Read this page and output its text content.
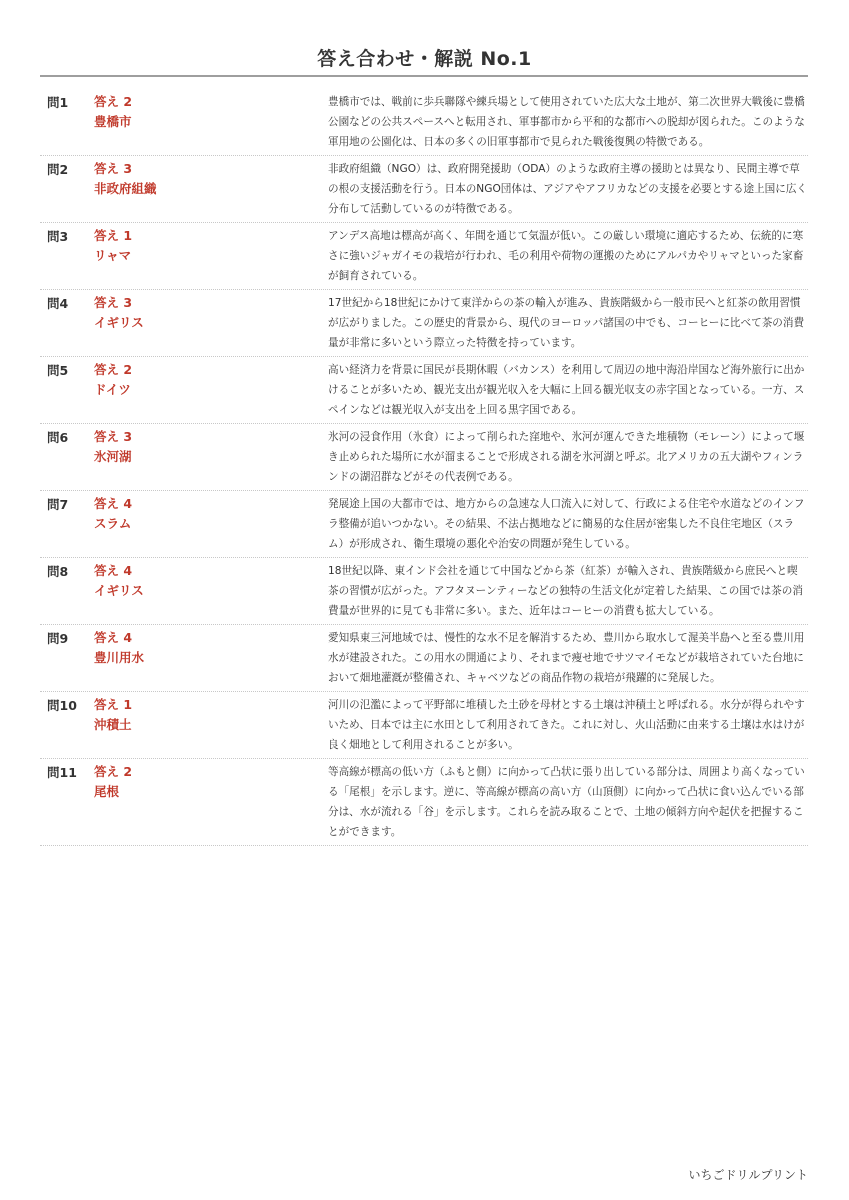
答え合わせ・解説 No.1
問1	答え 2
豊橋市
豊橋市では、戦前に歩兵聯隊や練兵場として使用されていた広大な土地が、第二次世界大戦後に豊橋公園などの公共スペースへと転用され、軍事都市から平和的な都市への脱却が図られた。このような軍用地の公園化は、日本の多くの旧軍事都市で見られた戦後復興の特徴である。
問2	答え 3
非政府組織
非政府組織（NGO）は、政府開発援助（ODA）のような政府主導の援助とは異なり、民間主導で草の根の支援活動を行う。日本のNGO団体は、アジアやアフリカなどの支援を必要とする途上国に広く分布して活動しているのが特徴である。
問3	答え 1
リャマ
アンデス高地は標高が高く、年間を通じて気温が低い。この厳しい環境に適応するため、伝統的に寒さに強いジャガイモの栽培が行われ、毛の利用や荷物の運搬のためにアルパカやリャマといった家畜が飼育されている。
問4	答え 3
イギリス
17世紀から18世紀にかけて東洋からの茶の輸入が進み、貴族階級から一般市民へと紅茶の飲用習慣が広がりました。この歴史的背景から、現代のヨーロッパ諸国の中でも、コーヒーに比べて茶の消費量が非常に多いという際立った特徴を持っています。
問5	答え 2
ドイツ
高い経済力を背景に国民が長期休暇（バカンス）を利用して周辺の地中海沿岸国など海外旅行に出かけることが多いため、観光支出が観光収入を大幅に上回る観光収支の赤字国となっている。一方、スペインなどは観光収入が支出を上回る黒字国である。
問6	答え 3
氷河湖
氷河の浸食作用（氷食）によって削られた窪地や、氷河が運んできた堆積物（モレーン）によって堰き止められた場所に水が溜まることで形成される湖を氷河湖と呼ぶ。北アメリカの五大湖やフィンランドの湖沼群などがその代表例である。
問7	答え 4
スラム
発展途上国の大都市では、地方からの急速な人口流入に対して、行政による住宅や水道などのインフラ整備が追いつかない。その結果、不法占拠地などに簡易的な住居が密集した不良住宅地区（スラム）が形成され、衛生環境の悪化や治安の問題が発生している。
問8	答え 4
イギリス
18世紀以降、東インド会社を通じて中国などから茶（紅茶）が輸入され、貴族階級から庶民へと喫茶の習慣が広がった。アフタヌーンティーなどの独特の生活文化が定着した結果、この国では茶の消費量が世界的に見ても非常に多い。また、近年はコーヒーの消費も拡大している。
問9	答え 4
豊川用水
愛知県東三河地域では、慢性的な水不足を解消するため、豊川から取水して渥美半島へと至る豊川用水が建設された。この用水の開通により、それまで痩せ地でサツマイモなどが栽培されていた台地において畑地灌漑が整備され、キャベツなどの商品作物の栽培が飛躍的に発展した。
問10	答え 1
沖積土
河川の氾濫によって平野部に堆積した土砂を母材とする土壌は沖積土と呼ばれる。水分が得られやすいため、日本では主に水田として利用されてきた。これに対し、火山活動に由来する土壌は水はけが良く畑地として利用されることが多い。
問11	答え 2
尾根
等高線が標高の低い方（ふもと側）に向かって凸状に張り出している部分は、周囲より高くなっている「尾根」を示します。逆に、等高線が標高の高い方（山頂側）に向かって凸状に食い込んでいる部分は、水が流れる「谷」を示します。これらを読み取ることで、土地の傾斜方向や起伏を把握することができます。
いちごドリルプリント
